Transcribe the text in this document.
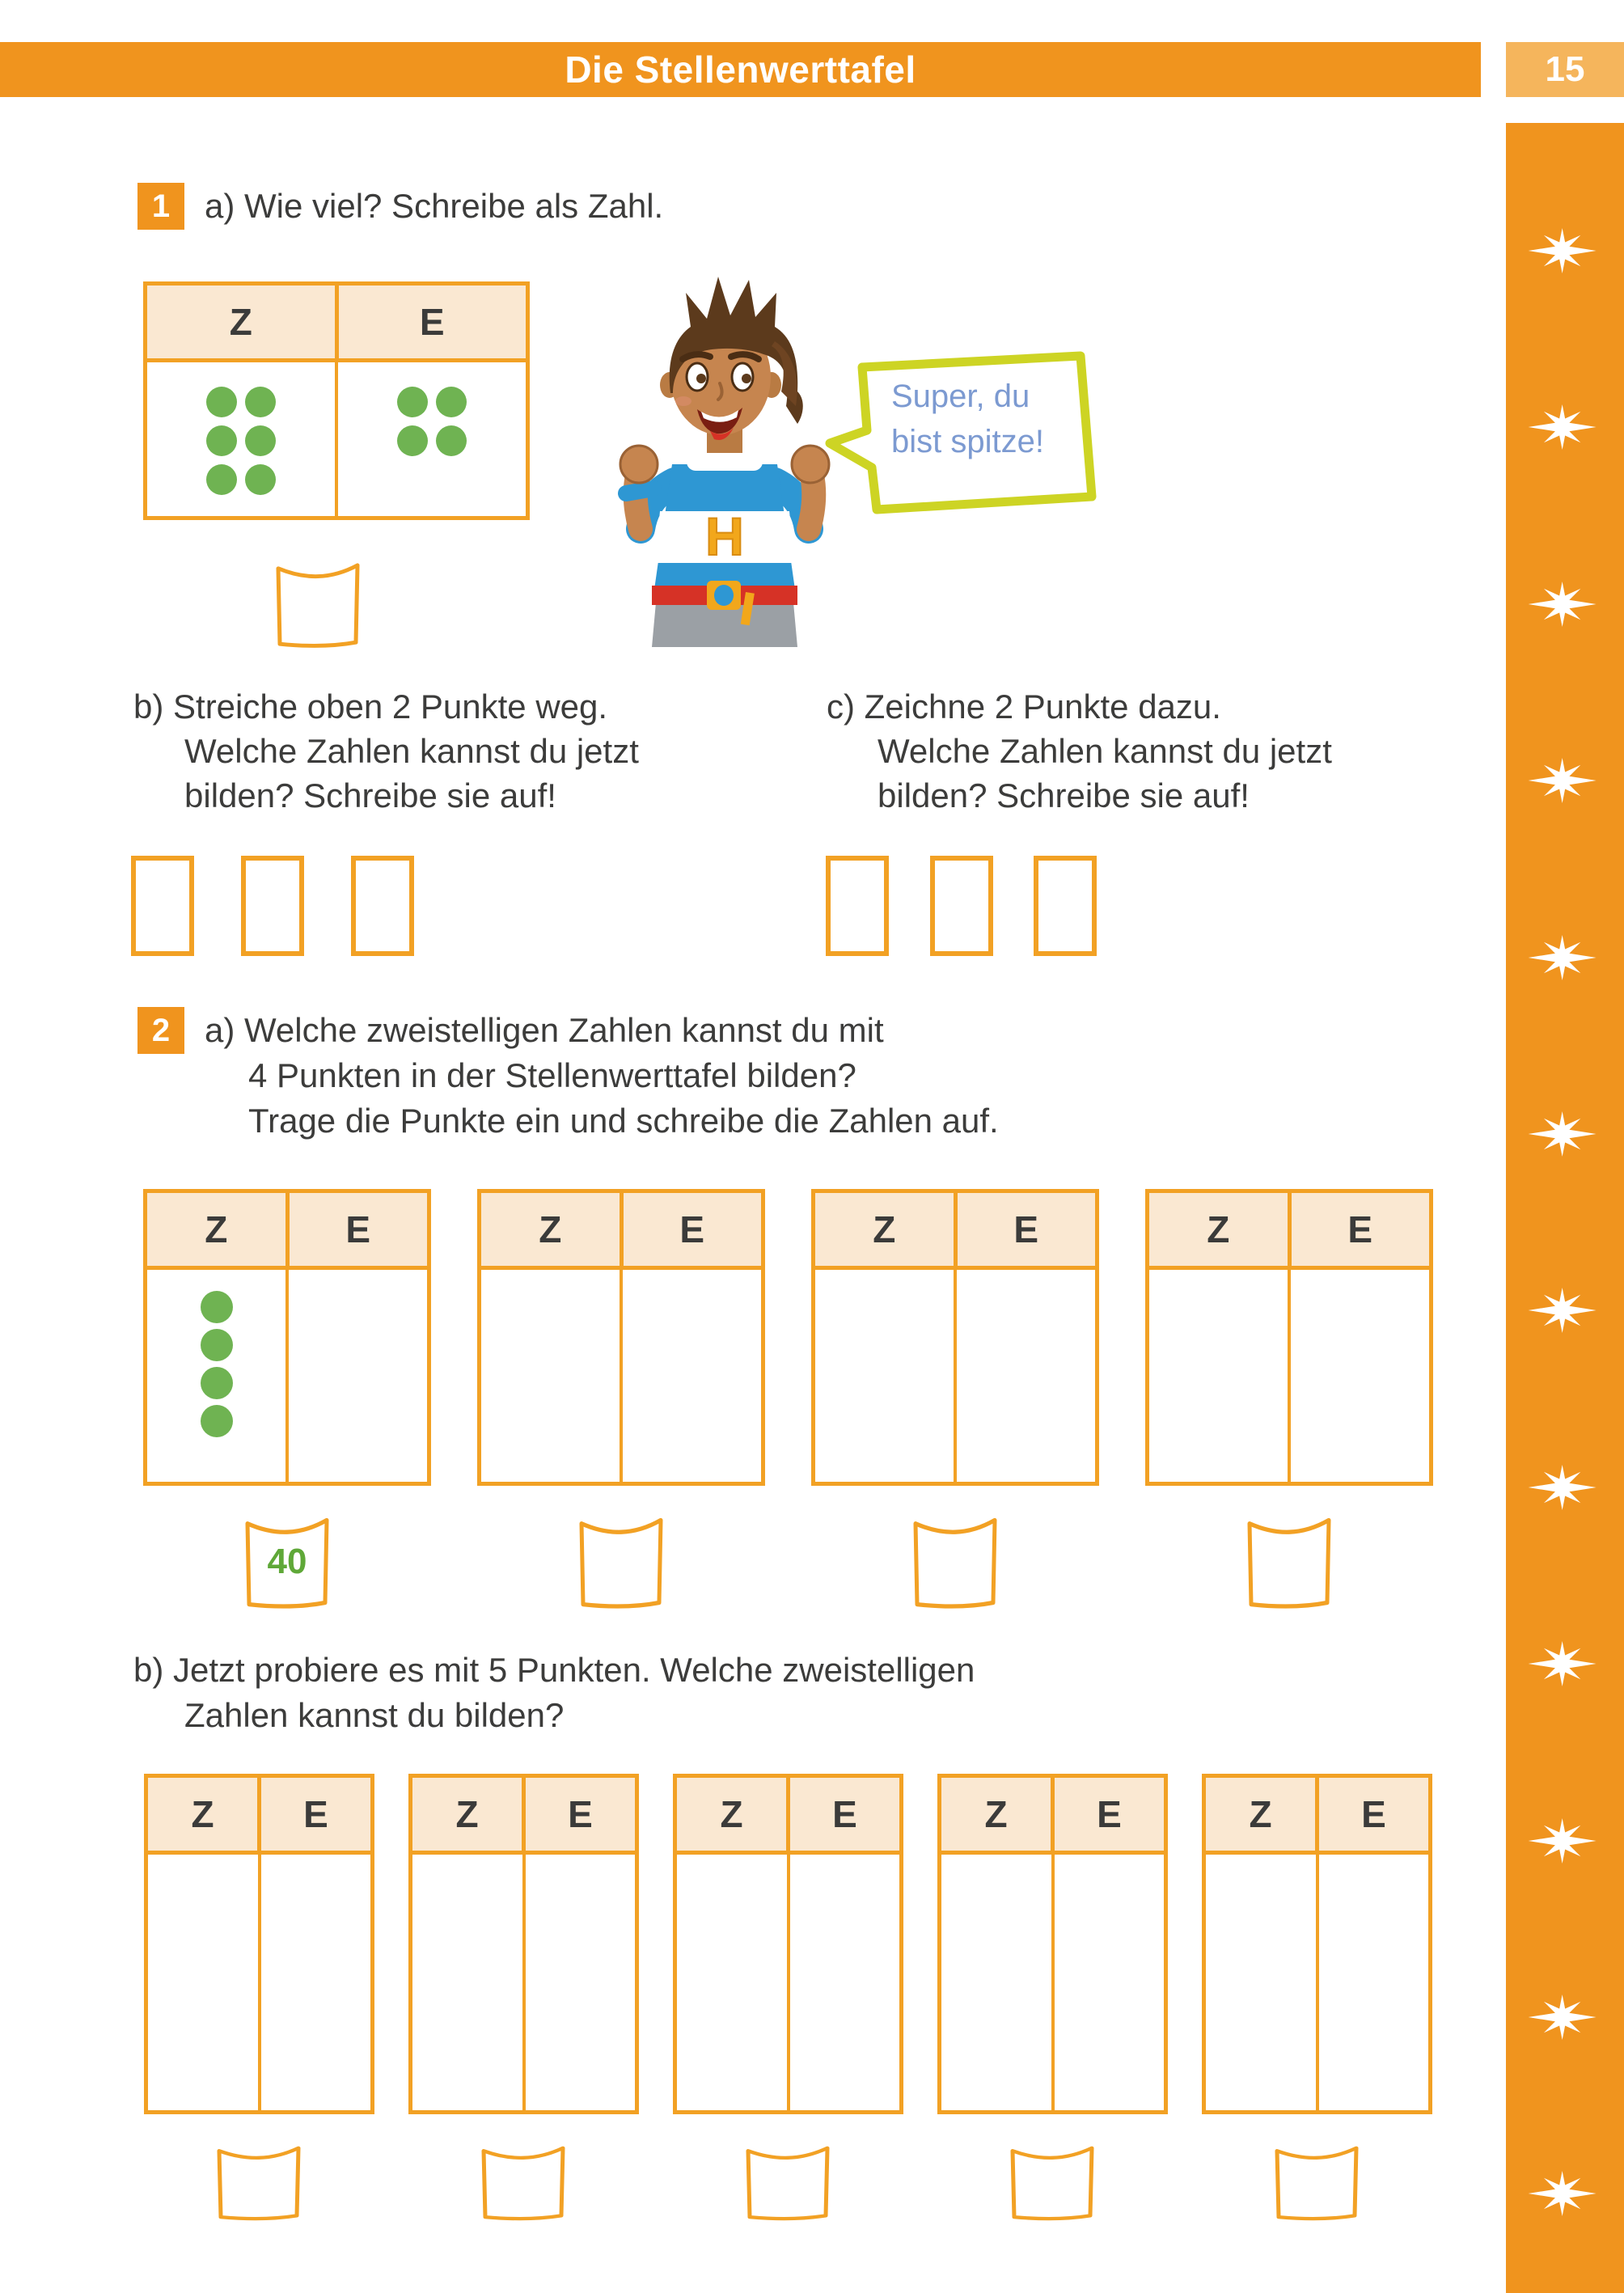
Die Stellenwerttafel	15
1	a) Wie viel? Schreibe als Zahl.
Z	E
H
Super, du
bist spitze!
b) Streiche oben 2 Punkte weg.
Welche Zahlen kannst du jetzt
bilden? Schreibe sie auf!
c) Zeichne 2 Punkte dazu.
Welche Zahlen kannst du jetzt
bilden? Schreibe sie auf!
2	a) Welche zweistelligen Zahlen kannst du mit
4 Punkten in der Stellenwerttafel bilden?
Trage die Punkte ein und schreibe die Zahlen auf.
Z	E	Z	E	Z	E	Z	E
40
b) Jetzt probiere es mit 5 Punkten. Welche zweistelligen
Zahlen kannst du bilden?
Z	E	Z	E	Z	E	Z	E	Z	E
